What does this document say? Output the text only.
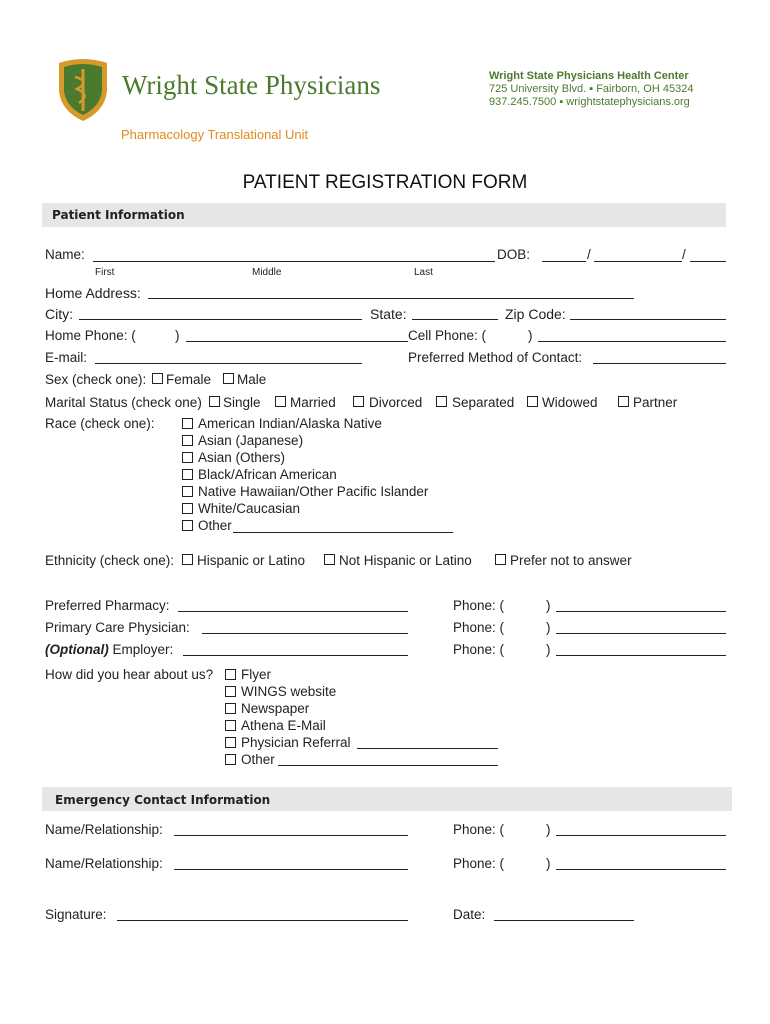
Wright State Physicians
Pharmacology Translational Unit
Wright State Physicians Health Center
725 University Blvd. ▪ Fairborn, OH 45324
937.245.7500 ▪ wrightstatephysicians.org
PATIENT REGISTRATION FORM
Patient Information
Name:	DOB:	/	/
First	Middle	Last
Home Address:
City:	State:	Zip Code:
Home Phone: (	)	Cell Phone: (	)
E-mail:	Preferred Method of Contact:
Sex (check one): Female Male
Marital Status (check one) Single Married Divorced Separated Widowed	Partner
Race (check one):	American Indian/Alaska Native
Asian (Japanese)
Asian (Others)
Black/African American
Native Hawaiian/Other Pacific Islander
White/Caucasian
Other
Ethnicity (check one): Hispanic or Latino	Not Hispanic or Latino	Prefer not to answer
Preferred Pharmacy:	Phone: (	)
Primary Care Physician:	Phone: (	)
(Optional) Employer:	Phone: (	)
How did you hear about us? Flyer
WINGS website
Newspaper
Athena E-Mail
Physician Referral
Other
Emergency Contact Information
Name/Relationship:	Phone: (	)
Name/Relationship:	Phone: (	)
Signature:	Date:
